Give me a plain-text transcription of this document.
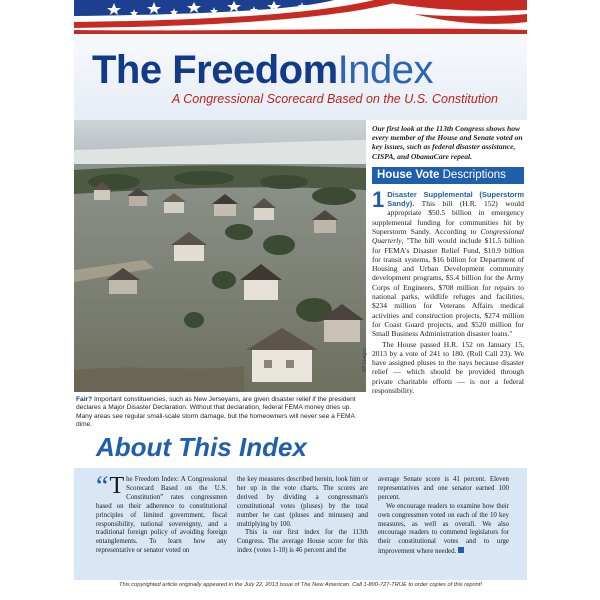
The FreedomIndex
A Congressional Scorecard Based on the U.S. Constitution
AP Images
Fair? Important constituencies, such as New Jerseyans, are given disaster relief if the president declares a Major Disaster Declaration. Without that declaration, federal FEMA money dries up. Many areas see regular small-scale storm damage, but the homeowners will never see a FEMA dime.
Our first look at the 113th Congress shows how every member of the House and Senate voted on key issues, such as federal disaster assistance, CISPA, and ObamaCare repeal.
House Vote Descriptions
1 Disaster Supplemental (Superstorm Sandy). This bill (H.R. 152) would appropriate $50.5 billion in emergency supplemental funding for communities hit by Superstorm Sandy. According to Congressional Quarterly, "The bill would include $11.5 billion for FEMA's Disaster Relief Fund, $10.9 billion for transit systems, $16 billion for Department of Housing and Urban Development community development programs, $5.4 billion for the Army Corps of Engineers, $708 million for repairs to national parks, wildlife refuges and facilities, $234 million for Veterans Affairs medical activities and construction projects, $274 million for Coast Guard projects, and $520 million for Small Business Administration disaster loans."

The House passed H.R. 152 on January 15, 2013 by a vote of 241 to 180. (Roll Call 23). We have assigned pluses to the nays because disaster relief — which should be provided through private charitable efforts — is not a federal responsibility.

About This Index
“ T he Freedom Index: A Congressional Scorecard Based on the U.S. Constitution” rates congressmen based on their adherence to constitutional principles of limited government, fiscal responsibility, national sovereignty, and a traditional foreign policy of avoiding foreign entanglements. To learn how any representative or senator voted on

the key measures described herein, look him or her up in the vote charts. The scores are derived by dividing a congressman's constitutional votes (pluses) by the total number he cast (pluses and minuses) and multiplying by 100.

This is our first index for the 113th Congress. The average House score for this index (votes 1-10) is 46 percent and the

average Senate score is 41 percent. Eleven representatives and one senator earned 100 percent.

We encourage readers to examine how their own congressmen voted on each of the 10 key measures, as well as overall. We also encourage readers to commend legislators for their constitutional votes and to urge improvement where needed.

This copyrighted article originally appeared in the July 22, 2013 issue of The New American. Call 1-800-727-TRUE to order copies of this reprint!
